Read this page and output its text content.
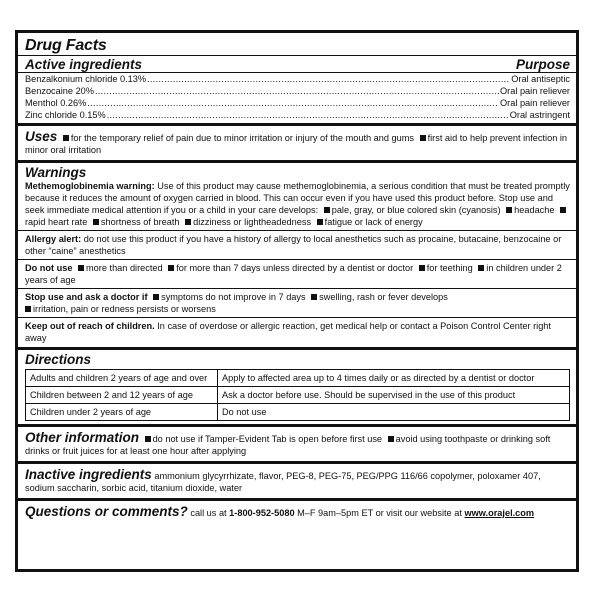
Drug Facts
Active ingredients	Purpose
Benzalkonium chloride 0.13% .....	Oral antiseptic
Benzocaine 20% .....	Oral pain reliever
Menthol 0.26% .....	Oral pain reliever
Zinc chloride 0.15% .....	Oral astringent
Uses for the temporary relief of pain due to minor irritation or injury of the mouth and gums first aid to help prevent infection in minor oral irritation
Warnings
Methemoglobinemia warning: Use of this product may cause methemoglobinemia, a serious condition that must be treated promptly because it reduces the amount of oxygen carried in blood. This can occur even if you have used this product before. Stop use and seek immediate medical attention if you or a child in your care develops: pale, gray, or blue colored skin (cyanosis) headache rapid heart rate shortness of breath dizziness or lightheadedness fatigue or lack of energy
Allergy alert: do not use this product if you have a history of allergy to local anesthetics such as procaine, butacaine, benzocaine or other “caine” anesthetics
Do not use more than directed for more than 7 days unless directed by a dentist or doctor for teething in children under 2 years of age
Stop use and ask a doctor if symptoms do not improve in 7 days swelling, rash or fever develops
irritation, pain or redness persists or worsens
Keep out of reach of children. In case of overdose or allergic reaction, get medical help or contact a Poison Control Center right away
Directions
Adults and children 2 years of age and over	Apply to affected area up to 4 times daily or as directed by a dentist or doctor
Children between 2 and 12 years of age	Ask a doctor before use. Should be supervised in the use of this product
Children under 2 years of age	Do not use
Other information do not use if Tamper-Evident Tab is open before first use avoid using toothpaste or drinking soft drinks or fruit juices for at least one hour after applying
Inactive ingredients ammonium glycyrrhizate, flavor, PEG-8, PEG-75, PEG/PPG 116/66 copolymer, poloxamer 407, sodium saccharin, sorbic acid, titanium dioxide, water
Questions or comments? call us at 1-800-952-5080 M–F 9am–5pm ET or visit our website at www.orajel.com
